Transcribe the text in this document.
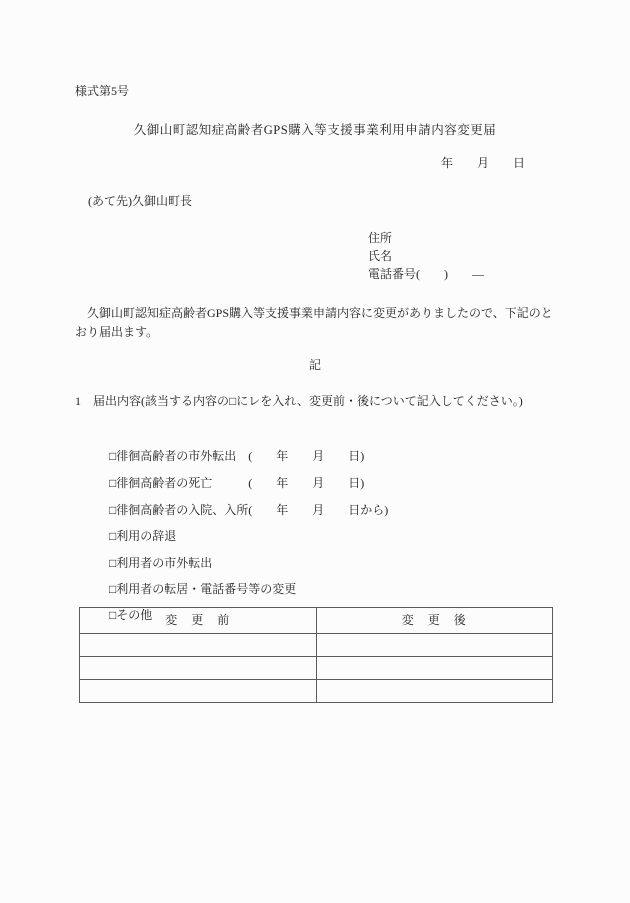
様式第5号
久御山町認知症高齢者GPS購入等支援事業利用申請内容変更届
年　　月　　日
(あて先)久御山町長
住所
氏名
電話番号(　　)　　―
　久御山町認知症高齢者GPS購入等支援事業申請内容に変更がありましたので、下記のと
おり届出ます。
記
1　届出内容(該当する内容の□にレを入れ、変更前・後について記入してください。)

□徘徊高齢者の市外転出　(　　年　　月　　日)

□徘徊高齢者の死亡　　　(　　年　　月　　日)

□徘徊高齢者の入院、入所(　　年　　月　　日から)

□利用の辞退

□利用者の市外転出

□利用者の転居・電話番号等の変更

□その他
変　更　前	変　更　後
